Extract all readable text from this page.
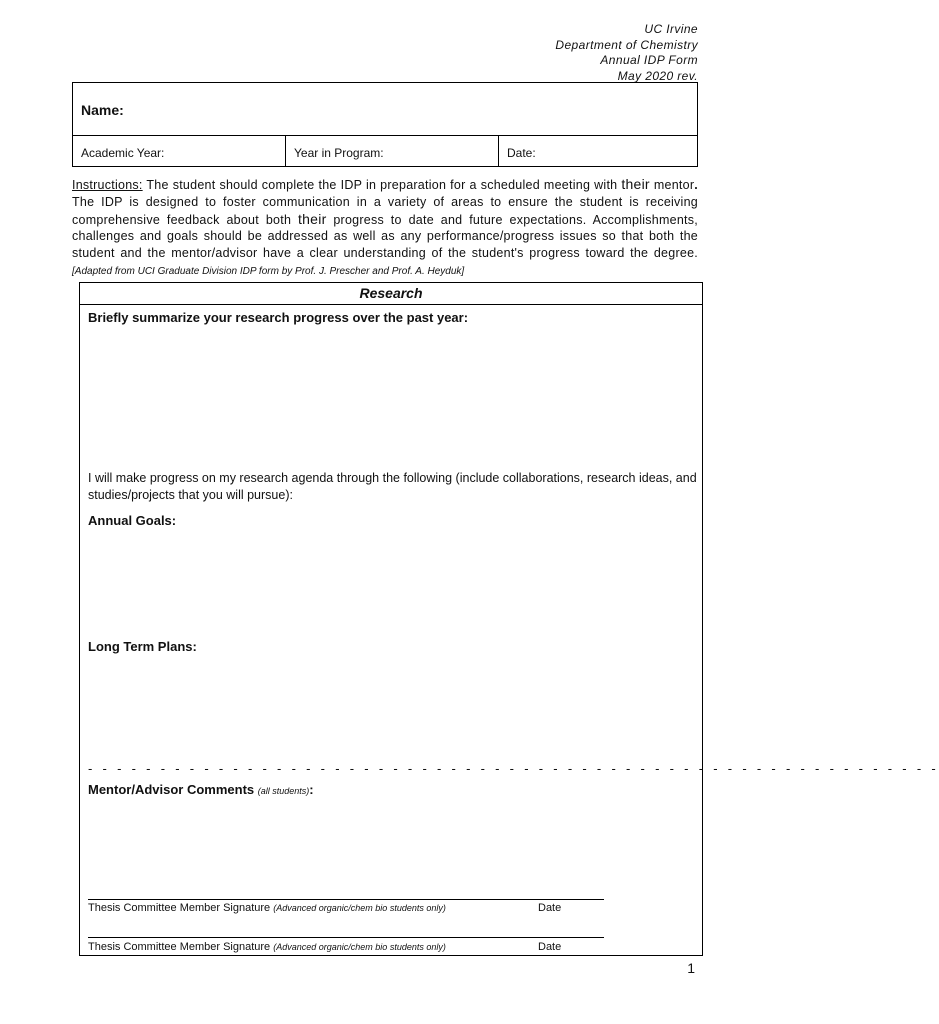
UC Irvine
Department of Chemistry
Annual IDP Form
May 2020 rev.
Name:
Academic Year:	Year in Program:	Date:
Instructions: The student should complete the IDP in preparation for a scheduled meeting with their mentor. The IDP is designed to foster communication in a variety of areas to ensure the student is receiving comprehensive feedback about both their progress to date and future expectations. Accomplishments, challenges and goals should be addressed as well as any performance/progress issues so that both the student and the mentor/advisor have a clear understanding of the student's progress toward the degree. [Adapted from UCI Graduate Division IDP form by Prof. J. Prescher and Prof. A. Heyduk]
Research
Briefly summarize your research progress over the past year:
I will make progress on my research agenda through the following (include collaborations, research ideas, and studies/projects that you will pursue):
Annual Goals:
Long Term Plans:
- - - - - - - - - - - - - - - - - - - - - - - - - - - - - - - - - - - - - - - - - - - - - - - - - - - - - - - - - - -
Mentor/Advisor Comments (all students):
Thesis Committee Member Signature (Advanced organic/chem bio students only)	Date
Thesis Committee Member Signature (Advanced organic/chem bio students only)	Date
1
